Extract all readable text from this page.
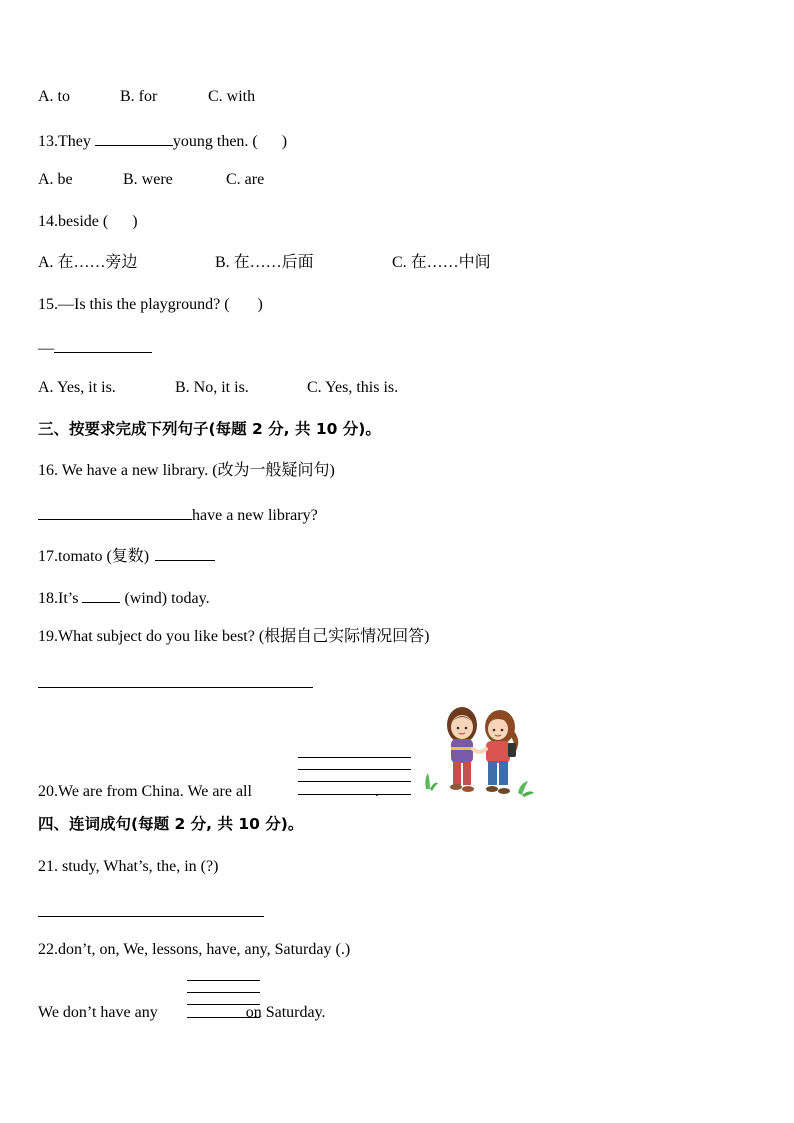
A. to	B. for	C. with
13.They	young then. ( )
A. be	B. were	C. are
14.beside ( )
A. 在……旁边	B. 在……后面	C. 在……中间
15.—Is this the playground? ( )
—
A. Yes, it is.	B. No, it is.	C. Yes, this is.
三、按要求完成下列句子(每题 2 分, 共 10 分)。
16. We have a new library. (改为一般疑问句)
have a new library?
17.tomato (复数)
18.It’s	(wind) today.
19.What subject do you like best? (根据自己实际情况回答)
20.We are from China. We are all	.
四、连词成句(每题 2 分, 共 10 分)。
21. study, What’s, the, in (?)
22.don’t, on, We, lessons, have, any, Saturday (.)
We don’t have any	on Saturday.
